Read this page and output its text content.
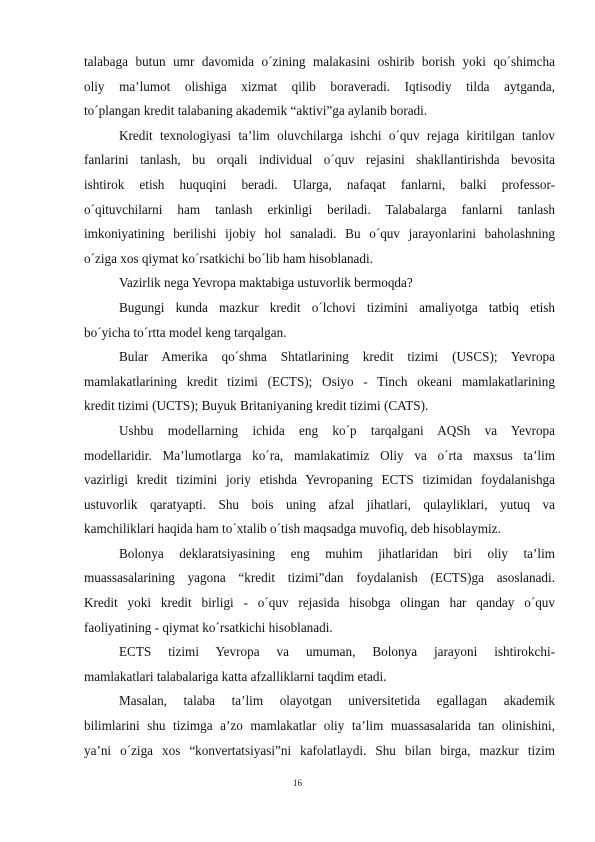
talabaga butun umr davomida o´zining malakasini oshirib borish yoki qo´shimcha
oliy ma’lumot olishiga xizmat qilib boraveradi. Iqtisodiy tilda aytganda,
to´plangan kredit talabaning akademik “aktivi”ga aylanib boradi.
Kredit texnologiyasi ta’lim oluvchilarga ishchi o´quv rejaga kiritilgan tanlov
fanlarini tanlash, bu orqali individual o´quv rejasini shakllantirishda bevosita
ishtirok etish huquqini beradi. Ularga, nafaqat fanlarni, balki professor-
o´qituvchilarni ham tanlash erkinligi beriladi. Talabalarga fanlarni tanlash
imkoniyatining berilishi ijobiy hol sanaladi. Bu o´quv jarayonlarini baholashning
o´ziga xos qiymat ko´rsatkichi bo´lib ham hisoblanadi.
Vazirlik nega Yevropa maktabiga ustuvorlik bermoqda?
Bugungi kunda mazkur kredit o´lchovi tizimini amaliyotga tatbiq etish
bo´yicha to´rtta model keng tarqalgan.
Bular Amerika qo´shma Shtatlarining kredit tizimi (USCS); Yevropa
mamlakatlarining kredit tizimi (ECTS); Osiyo - Tinch okeani mamlakatlarining
kredit tizimi (UCTS); Buyuk Britaniyaning kredit tizimi (CATS).
Ushbu modellarning ichida eng ko´p tarqalgani AQSh va Yevropa
modellaridir. Ma’lumotlarga ko´ra, mamlakatimiz Oliy va o´rta maxsus ta’lim
vazirligi kredit tizimini joriy etishda Yevropaning ECTS tizimidan foydalanishga
ustuvorlik qaratyapti. Shu bois uning afzal jihatlari, qulayliklari, yutuq va
kamchiliklari haqida ham to´xtalib o´tish maqsadga muvofiq, deb hisoblaymiz.
Bolonya deklaratsiyasining eng muhim jihatlaridan biri oliy ta’lim
muassasalarining yagona “kredit tizimi”dan foydalanish (ECTS)ga asoslanadi.
Kredit yoki kredit birligi - o´quv rejasida hisobga olingan har qanday o´quv
faoliyatining - qiymat ko´rsatkichi hisoblanadi.
ECTS tizimi Yevropa va umuman, Bolonya jarayoni ishtirokchi-
mamlakatlari talabalariga katta afzalliklarni taqdim etadi.
Masalan, talaba ta’lim olayotgan universitetida egallagan akademik
bilimlarini shu tizimga a’zo mamlakatlar oliy ta’lim muassasalarida tan olinishini,
ya’ni o´ziga xos “konvertatsiyasi”ni kafolatlaydi. Shu bilan birga, mazkur tizim
16
